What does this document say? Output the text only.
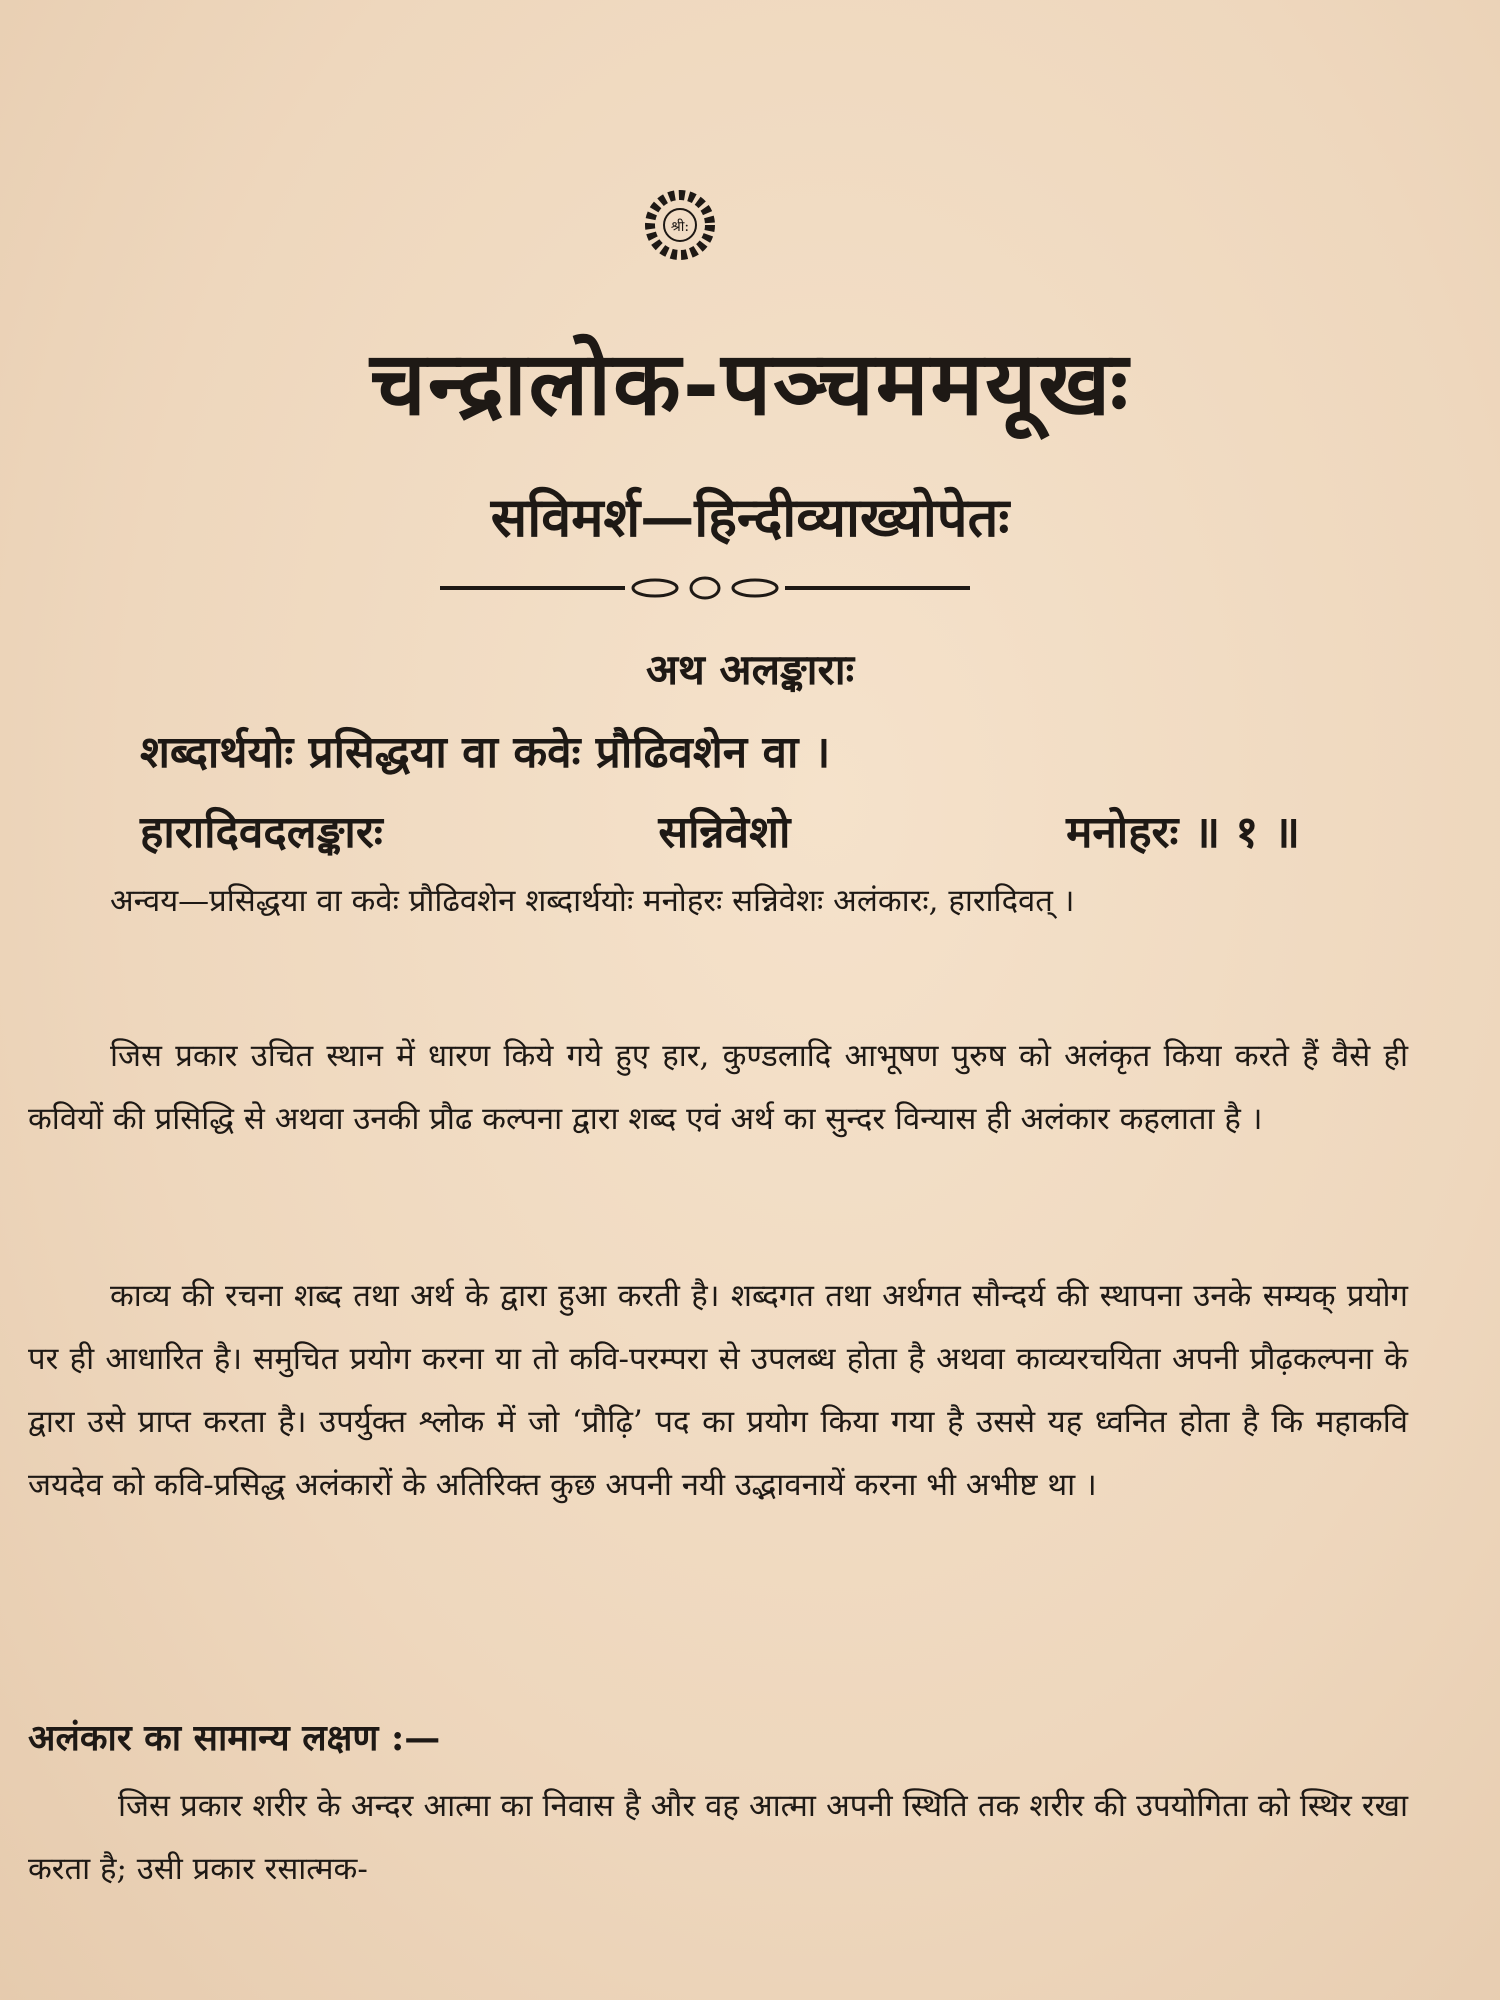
श्री:
चन्द्रालोक-पञ्चममयूखः
सविमर्श—हिन्दीव्याख्योपेतः
अथ अलङ्काराः
शब्दार्थयोः प्रसिद्धया वा कवेः प्रौढिवशेन वा ।
हारादिवदलङ्कारः	सन्निवेशो	मनोहरः ॥ १ ॥
अन्वय—प्रसिद्धया वा कवेः प्रौढिवशेन शब्दार्थयोः मनोहरः सन्निवेशः अलंकारः, हारादिवत् ।
जिस प्रकार उचित स्थान में धारण किये गये हुए हार, कुण्डलादि आभूषण पुरुष को अलंकृत किया करते हैं वैसे ही कवियों की प्रसिद्धि से अथवा उनकी प्रौढ कल्पना द्वारा शब्द एवं अर्थ का सुन्दर विन्यास ही अलंकार कहलाता है ।
काव्य की रचना शब्द तथा अर्थ के द्वारा हुआ करती है। शब्दगत तथा अर्थगत सौन्दर्य की स्थापना उनके सम्यक् प्रयोग पर ही आधारित है। समुचित प्रयोग करना या तो कवि-परम्परा से उपलब्ध होता है अथवा काव्यरचयिता अपनी प्रौढ़कल्पना के द्वारा उसे प्राप्त करता है। उपर्युक्त श्लोक में जो ‘प्रौढ़ि’ पद का प्रयोग किया गया है उससे यह ध्वनित होता है कि महाकवि जयदेव को कवि-प्रसिद्ध अलंकारों के अतिरिक्त कुछ अपनी नयी उद्भावनायें करना भी अभीष्ट था ।
अलंकार का सामान्य लक्षण :—
जिस प्रकार शरीर के अन्दर आत्मा का निवास है और वह आत्मा अपनी स्थिति तक शरीर की उपयोगिता को स्थिर रखा करता है; उसी प्रकार रसात्मक-
